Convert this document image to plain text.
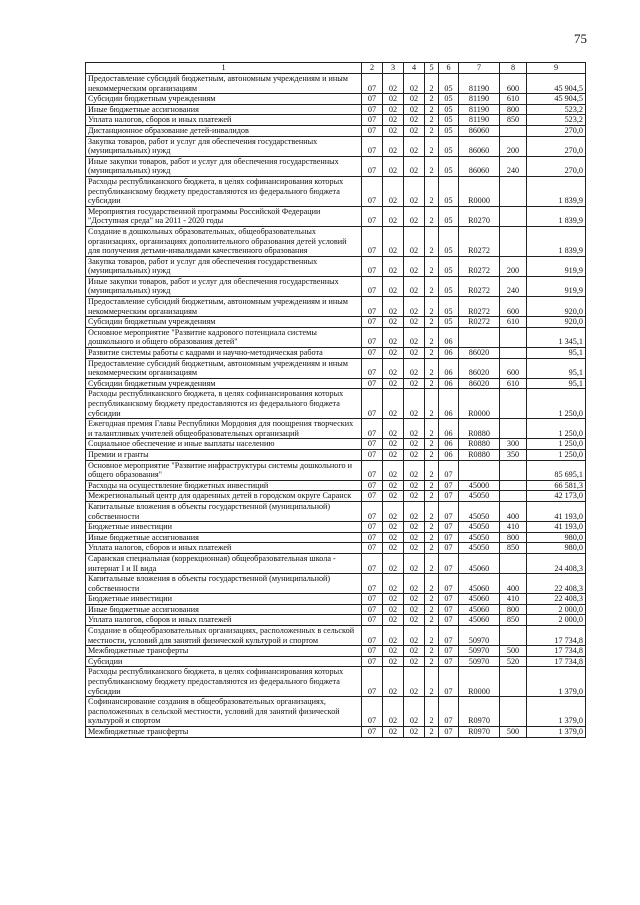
75
1	2	3	4	5	6	7	8	9
Предоставление субсидий бюджетным, автономным учреждениям и иным некоммерческим организациям	07	02	02	2	05	81190	600	45 904,5
Субсидии бюджетным учреждениям	07	02	02	2	05	81190	610	45 904,5
Иные бюджетные ассигнования	07	02	02	2	05	81190	800	523,2
Уплата налогов, сборов и иных платежей	07	02	02	2	05	81190	850	523,2
Дистанционное образование детей-инвалидов	07	02	02	2	05	86060		270,0
Закупка товаров, работ и услуг для обеспечения государственных (муниципальных) нужд	07	02	02	2	05	86060	200	270,0
Иные закупки товаров, работ и услуг для обеспечения государственных (муниципальных) нужд	07	02	02	2	05	86060	240	270,0
Расходы республиканского бюджета, в целях софинансирования которых республиканскому бюджету предоставляются из федерального бюджета субсидии	07	02	02	2	05	R0000		1 839,9
Мероприятия государственной программы Российской Федерации "Доступная среда" на 2011 - 2020 годы	07	02	02	2	05	R0270		1 839,9
Создание в дошкольных образовательных, общеобразовательных организациях, организациях дополнительного образования детей условий для получения детьми-инвалидами качественного образования	07	02	02	2	05	R0272		1 839,9
Закупка товаров, работ и услуг для обеспечения государственных (муниципальных) нужд	07	02	02	2	05	R0272	200	919,9
Иные закупки товаров, работ и услуг для обеспечения государственных (муниципальных) нужд	07	02	02	2	05	R0272	240	919,9
Предоставление субсидий бюджетным, автономным учреждениям и иным некоммерческим организациям	07	02	02	2	05	R0272	600	920,0
Субсидии бюджетным учреждениям	07	02	02	2	05	R0272	610	920,0
Основное мероприятие "Развитие кадрового потенциала системы дошкольного и общего образования детей"	07	02	02	2	06			1 345,1
Развитие системы работы с кадрами и научно-методическая работа	07	02	02	2	06	86020		95,1
Предоставление субсидий бюджетным, автономным учреждениям и иным некоммерческим организациям	07	02	02	2	06	86020	600	95,1
Субсидии бюджетным учреждениям	07	02	02	2	06	86020	610	95,1
Расходы республиканского бюджета, в целях софинансирования которых республиканскому бюджету предоставляются из федерального бюджета субсидии	07	02	02	2	06	R0000		1 250,0
Ежегодная премия Главы Республики Мордовия для поощрения творческих и талантливых учителей общеобразовательных организаций	07	02	02	2	06	R0880		1 250,0
Социальное обеспечение и иные выплаты населению	07	02	02	2	06	R0880	300	1 250,0
Премии и гранты	07	02	02	2	06	R0880	350	1 250,0
Основное мероприятие "Развитие инфраструктуры системы дошкольного и общего образования"	07	02	02	2	07			85 695,1
Расходы на осуществление бюджетных инвестиций	07	02	02	2	07	45000		66 581,3
Межрегиональный центр для одаренных детей в городском округе Саранск	07	02	02	2	07	45050		42 173,0
Капитальные вложения в объекты государственной (муниципальной) собственности	07	02	02	2	07	45050	400	41 193,0
Бюджетные инвестиции	07	02	02	2	07	45050	410	41 193,0
Иные бюджетные ассигнования	07	02	02	2	07	45050	800	980,0
Уплата налогов, сборов и иных платежей	07	02	02	2	07	45050	850	980,0
Саранская специальная (коррекционная) общеобразовательная школа - интернат I и II вида	07	02	02	2	07	45060		24 408,3
Капитальные вложения в объекты государственной (муниципальной) собственности	07	02	02	2	07	45060	400	22 408,3
Бюджетные инвестиции	07	02	02	2	07	45060	410	22 408,3
Иные бюджетные ассигнования	07	02	02	2	07	45060	800	2 000,0
Уплата налогов, сборов и иных платежей	07	02	02	2	07	45060	850	2 000,0
Создание в общеобразовательных организациях, расположенных в сельской местности, условий для занятий физической культурой и спортом	07	02	02	2	07	50970		17 734,8
Межбюджетные трансферты	07	02	02	2	07	50970	500	17 734,8
Субсидии	07	02	02	2	07	50970	520	17 734,8
Расходы республиканского бюджета, в целях софинансирования которых республиканскому бюджету предоставляются из федерального бюджета субсидии	07	02	02	2	07	R0000		1 379,0
Софинансирование создания в общеобразовательных организациях, расположенных в сельской местности, условий для занятий физической культурой и спортом	07	02	02	2	07	R0970		1 379,0
Межбюджетные трансферты	07	02	02	2	07	R0970	500	1 379,0
